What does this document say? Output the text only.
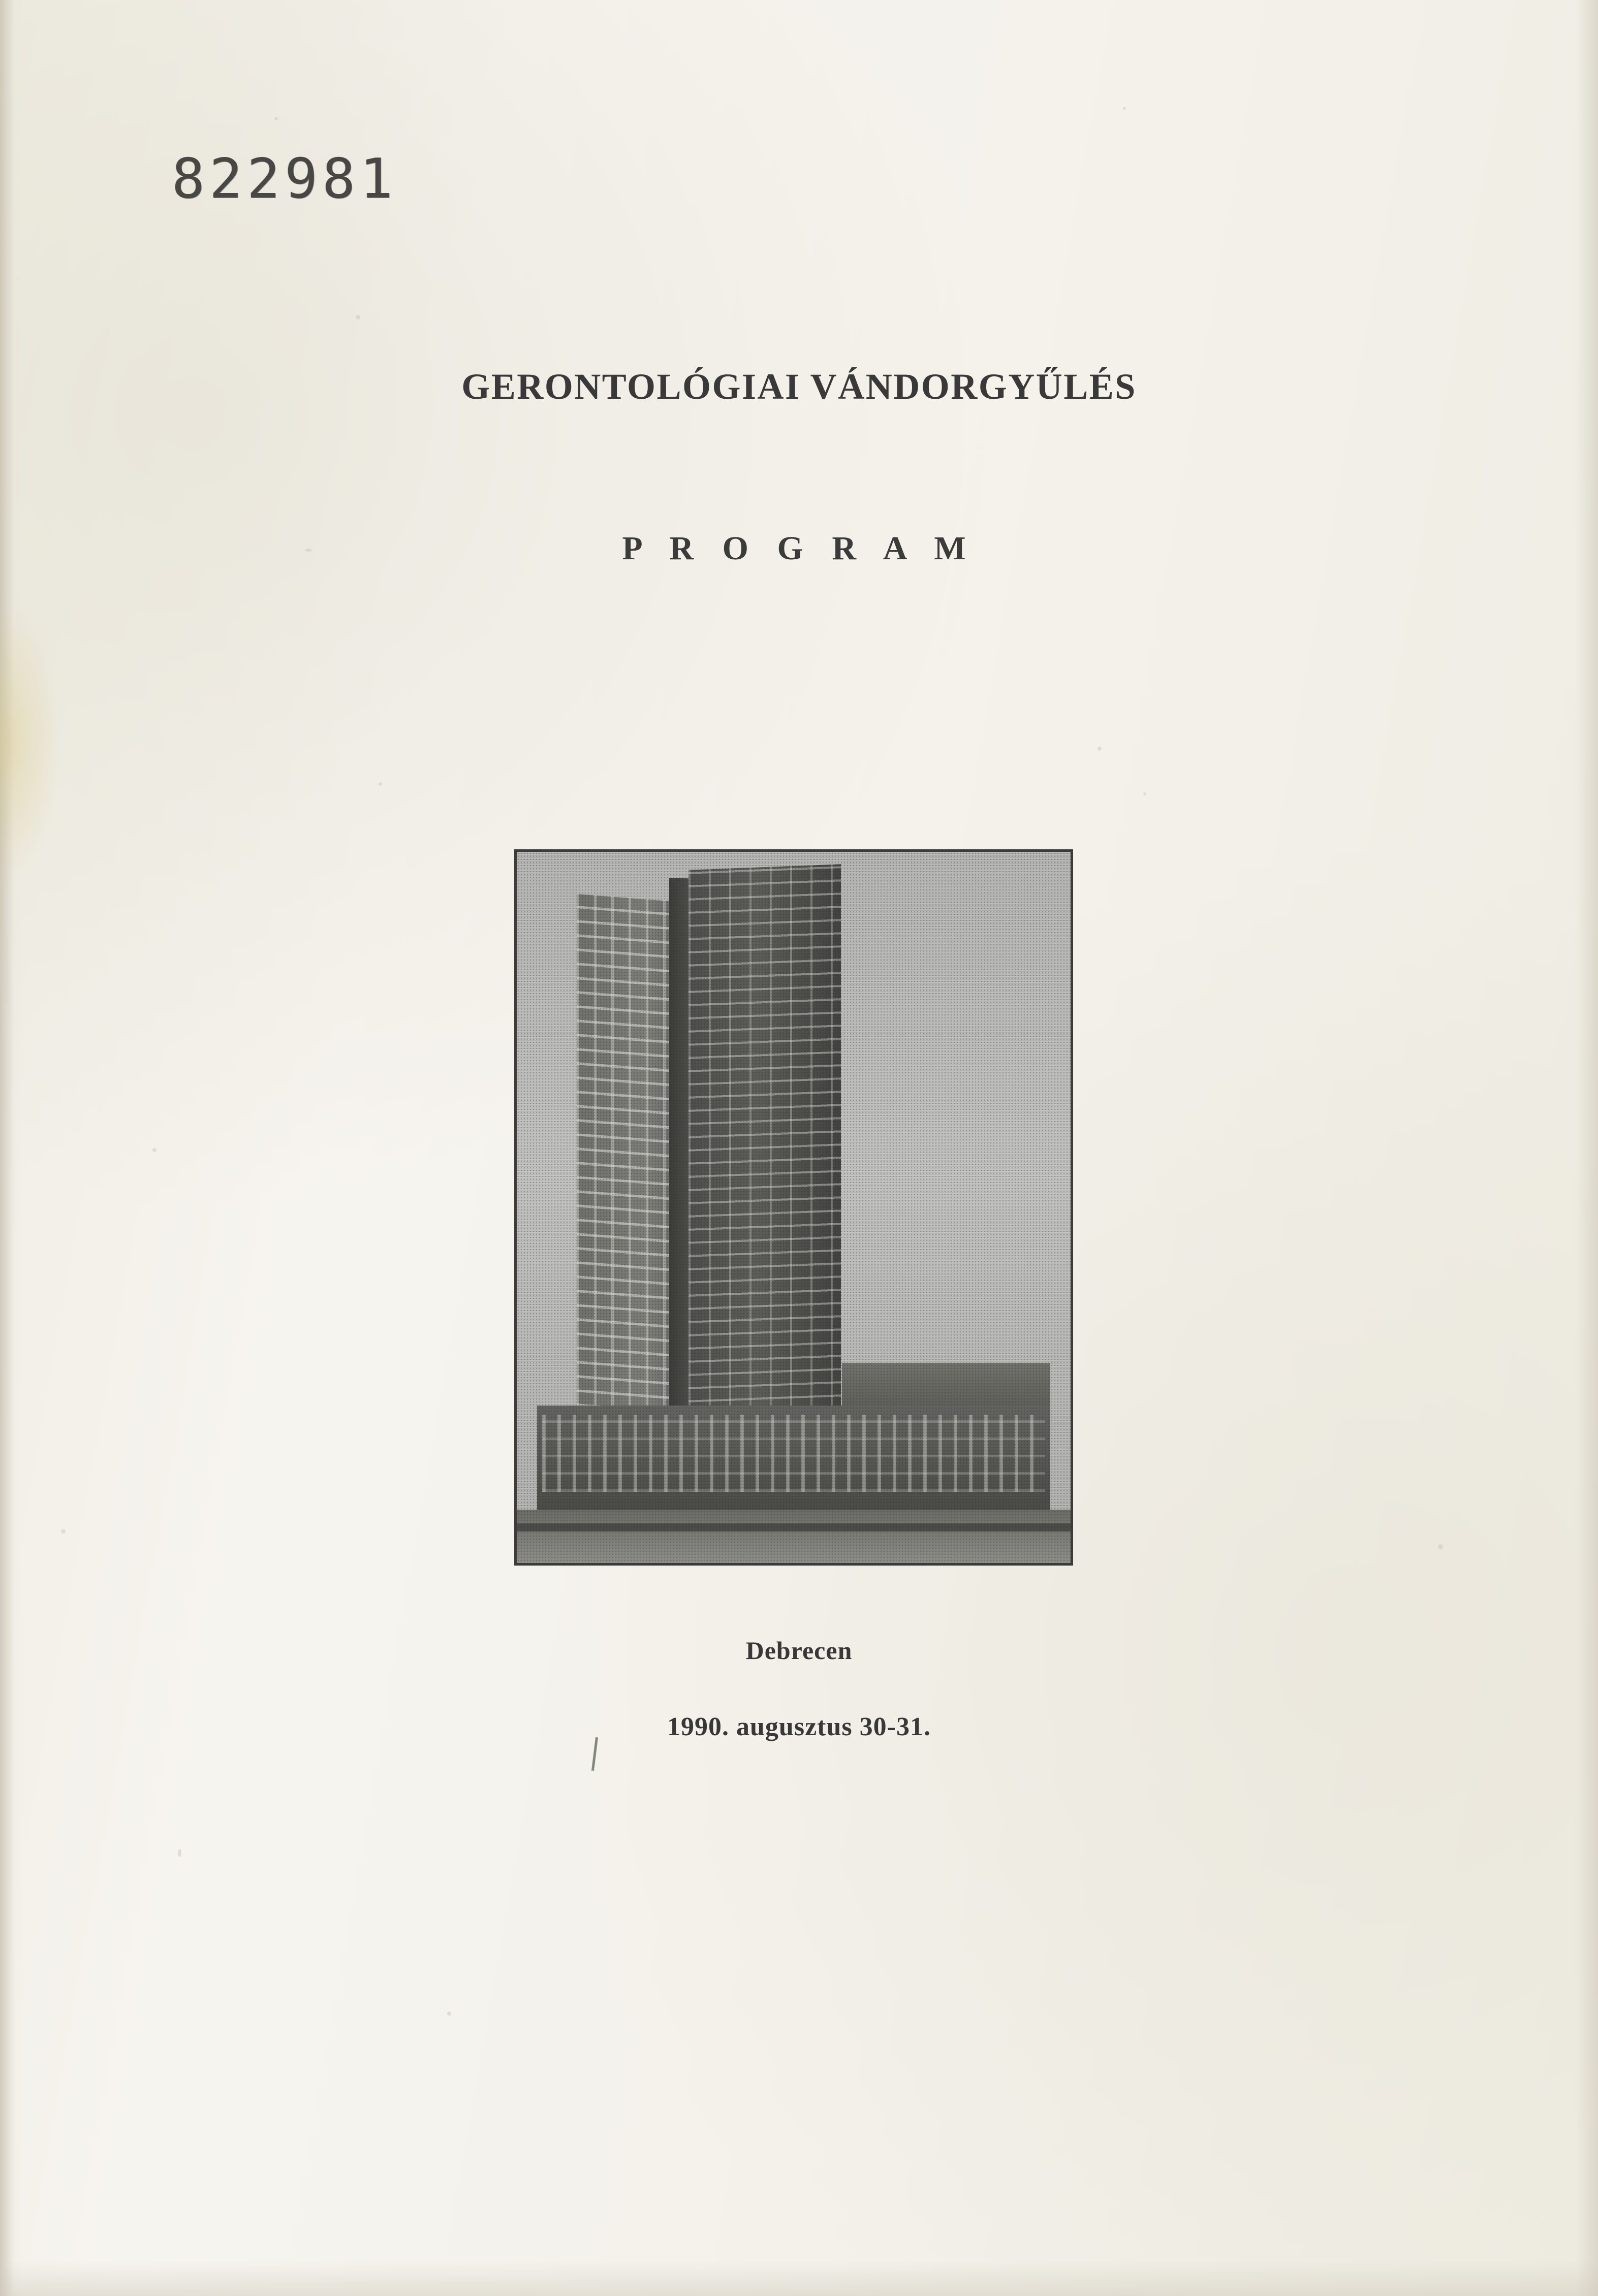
822981
GERONTOLÓGIAI VÁNDORGYŰLÉS
P R O G R A M
Debrecen
1990. augusztus 30-31.
